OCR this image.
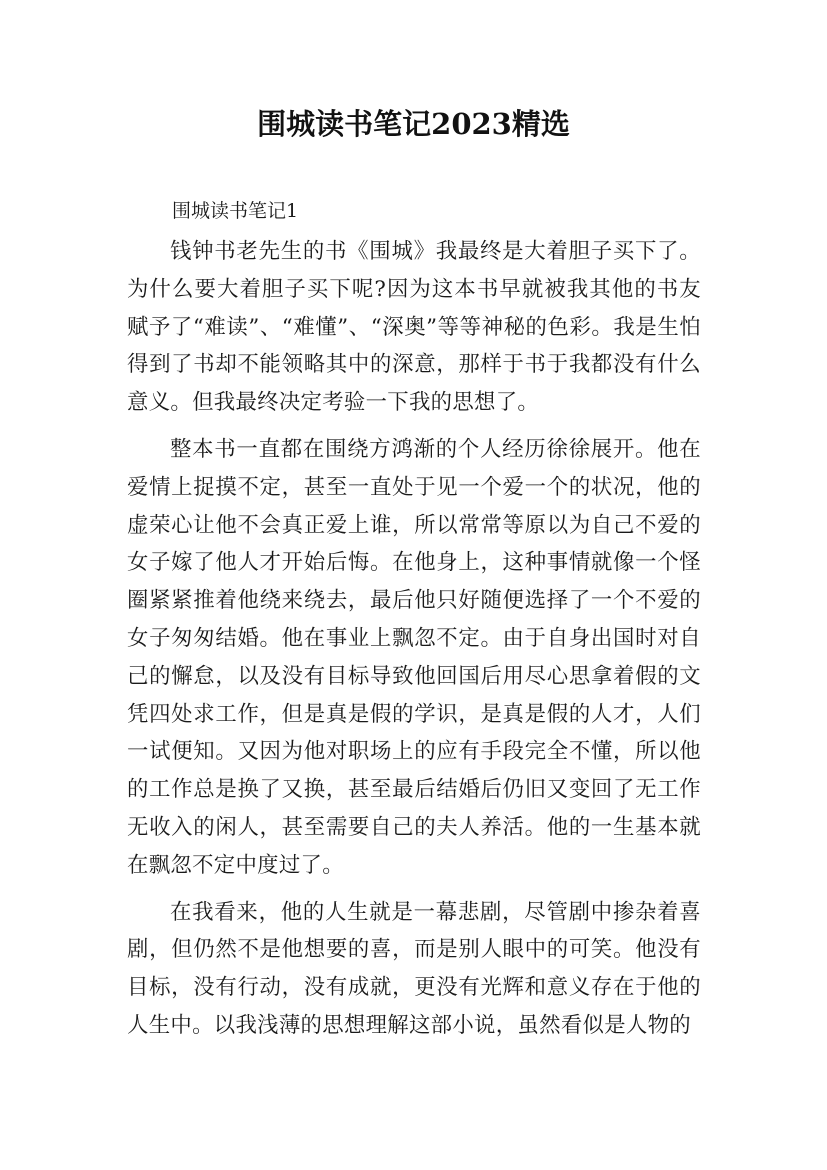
围城读书笔记2023精选

围城读书笔记1

钱钟书老先生的书《围城》我最终是大着胆子买下了。为什么要大着胆子买下呢?因为这本书早就被我其他的书友赋予了“难读”、“难懂”、“深奥”等等神秘的色彩。我是生怕得到了书却不能领略其中的深意，那样于书于我都没有什么意义。但我最终决定考验一下我的思想了。

整本书一直都在围绕方鸿渐的个人经历徐徐展开。他在爱情上捉摸不定，甚至一直处于见一个爱一个的状况，他的虚荣心让他不会真正爱上谁，所以常常等原以为自己不爱的女子嫁了他人才开始后悔。在他身上，这种事情就像一个怪圈紧紧推着他绕来绕去，最后他只好随便选择了一个不爱的女子匆匆结婚。他在事业上飘忽不定。由于自身出国时对自己的懈怠，以及没有目标导致他回国后用尽心思拿着假的文凭四处求工作，但是真是假的学识，是真是假的人才，人们一试便知。又因为他对职场上的应有手段完全不懂，所以他的工作总是换了又换，甚至最后结婚后仍旧又变回了无工作无收入的闲人，甚至需要自己的夫人养活。他的一生基本就在飘忽不定中度过了。

在我看来，他的人生就是一幕悲剧，尽管剧中掺杂着喜剧，但仍然不是他想要的喜，而是别人眼中的可笑。他没有目标，没有行动，没有成就，更没有光辉和意义存在于他的人生中。以我浅薄的思想理解这部小说，虽然看似是人物的
